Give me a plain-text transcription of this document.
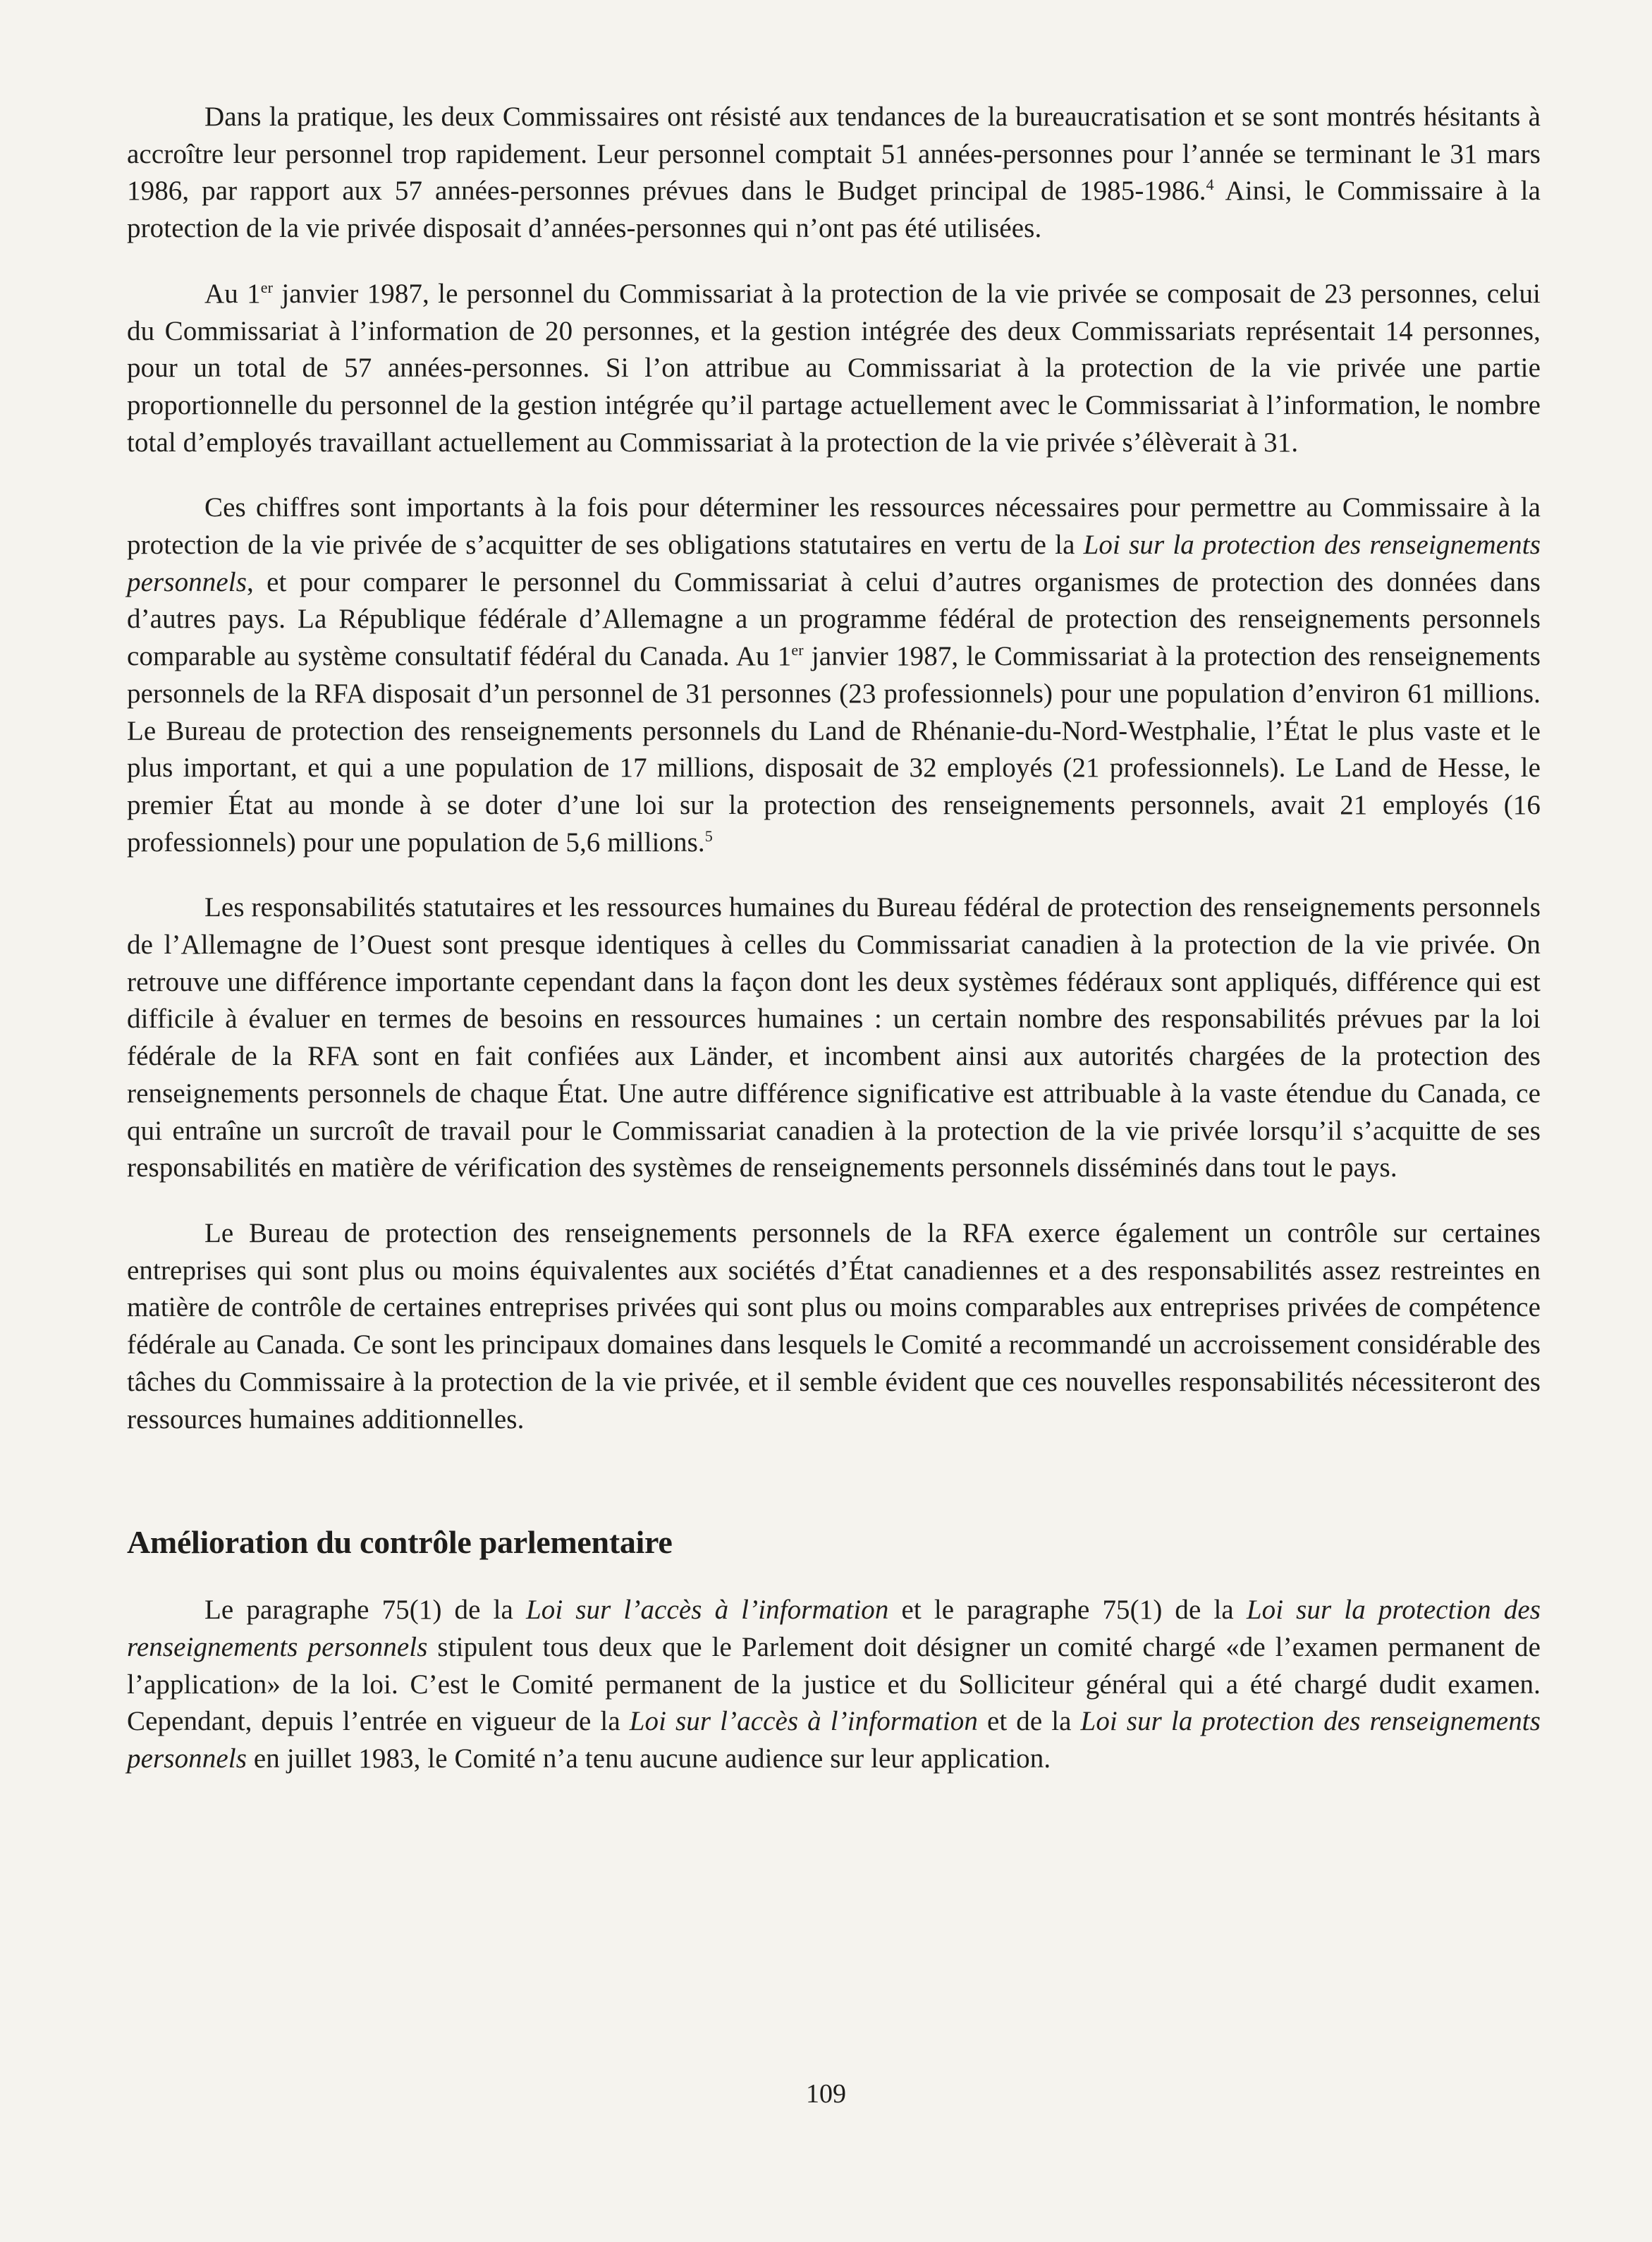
Dans la pratique, les deux Commissaires ont résisté aux tendances de la bureaucratisation et se sont montrés hésitants à accroître leur personnel trop rapidement. Leur personnel comptait 51 années-personnes pour l’année se terminant le 31 mars 1986, par rapport aux 57 années-personnes prévues dans le Budget principal de 1985-1986.$^4$ Ainsi, le Commissaire à la protection de la vie privée disposait d’années-personnes qui n’ont pas été utilisées.

Au 1er janvier 1987, le personnel du Commissariat à la protection de la vie privée se composait de 23 personnes, celui du Commissariat à l’information de 20 personnes, et la gestion intégrée des deux Commissariats représentait 14 personnes, pour un total de 57 années-personnes. Si l’on attribue au Commissariat à la protection de la vie privée une partie proportionnelle du personnel de la gestion intégrée qu’il partage actuellement avec le Commissariat à l’information, le nombre total d’employés travaillant actuellement au Commissariat à la protection de la vie privée s’élèverait à 31.

Ces chiffres sont importants à la fois pour déterminer les ressources nécessaires pour permettre au Commissaire à la protection de la vie privée de s’acquitter de ses obligations statutaires en vertu de la Loi sur la protection des renseignements personnels, et pour comparer le personnel du Commissariat à celui d’autres organismes de protection des données dans d’autres pays. La République fédérale d’Allemagne a un programme fédéral de protection des renseignements personnels comparable au système consultatif fédéral du Canada. Au 1er janvier 1987, le Commissariat à la protection des renseignements personnels de la RFA disposait d’un personnel de 31 personnes (23 professionnels) pour une population d’environ 61 millions. Le Bureau de protection des renseignements personnels du Land de Rhénanie-du-Nord-Westphalie, l’État le plus vaste et le plus important, et qui a une population de 17 millions, disposait de 32 employés (21 professionnels). Le Land de Hesse, le premier État au monde à se doter d’une loi sur la protection des renseignements personnels, avait 21 employés (16 professionnels) pour une population de 5,6 millions.$^5$

Les responsabilités statutaires et les ressources humaines du Bureau fédéral de protection des renseignements personnels de l’Allemagne de l’Ouest sont presque identiques à celles du Commissariat canadien à la protection de la vie privée. On retrouve une différence importante cependant dans la façon dont les deux systèmes fédéraux sont appliqués, différence qui est difficile à évaluer en termes de besoins en ressources humaines : un certain nombre des responsabilités prévues par la loi fédérale de la RFA sont en fait confiées aux Länder, et incombent ainsi aux autorités chargées de la protection des renseignements personnels de chaque État. Une autre différence significative est attribuable à la vaste étendue du Canada, ce qui entraîne un surcroît de travail pour le Commissariat canadien à la protection de la vie privée lorsqu’il s’acquitte de ses responsabilités en matière de vérification des systèmes de renseignements personnels disséminés dans tout le pays.

Le Bureau de protection des renseignements personnels de la RFA exerce également un contrôle sur certaines entreprises qui sont plus ou moins équivalentes aux sociétés d’État canadiennes et a des responsabilités assez restreintes en matière de contrôle de certaines entreprises privées qui sont plus ou moins comparables aux entreprises privées de compétence fédérale au Canada. Ce sont les principaux domaines dans lesquels le Comité a recommandé un accroissement considérable des tâches du Commissaire à la protection de la vie privée, et il semble évident que ces nouvelles responsabilités nécessiteront des ressources humaines additionnelles.

Amélioration du contrôle parlementaire

Le paragraphe 75(1) de la Loi sur l’accès à l’information et le paragraphe 75(1) de la Loi sur la protection des renseignements personnels stipulent tous deux que le Parlement doit désigner un comité chargé «de l’examen permanent de l’application» de la loi. C’est le Comité permanent de la justice et du Solliciteur général qui a été chargé dudit examen. Cependant, depuis l’entrée en vigueur de la Loi sur l’accès à l’information et de la Loi sur la protection des renseignements personnels en juillet 1983, le Comité n’a tenu aucune audience sur leur application.

109
